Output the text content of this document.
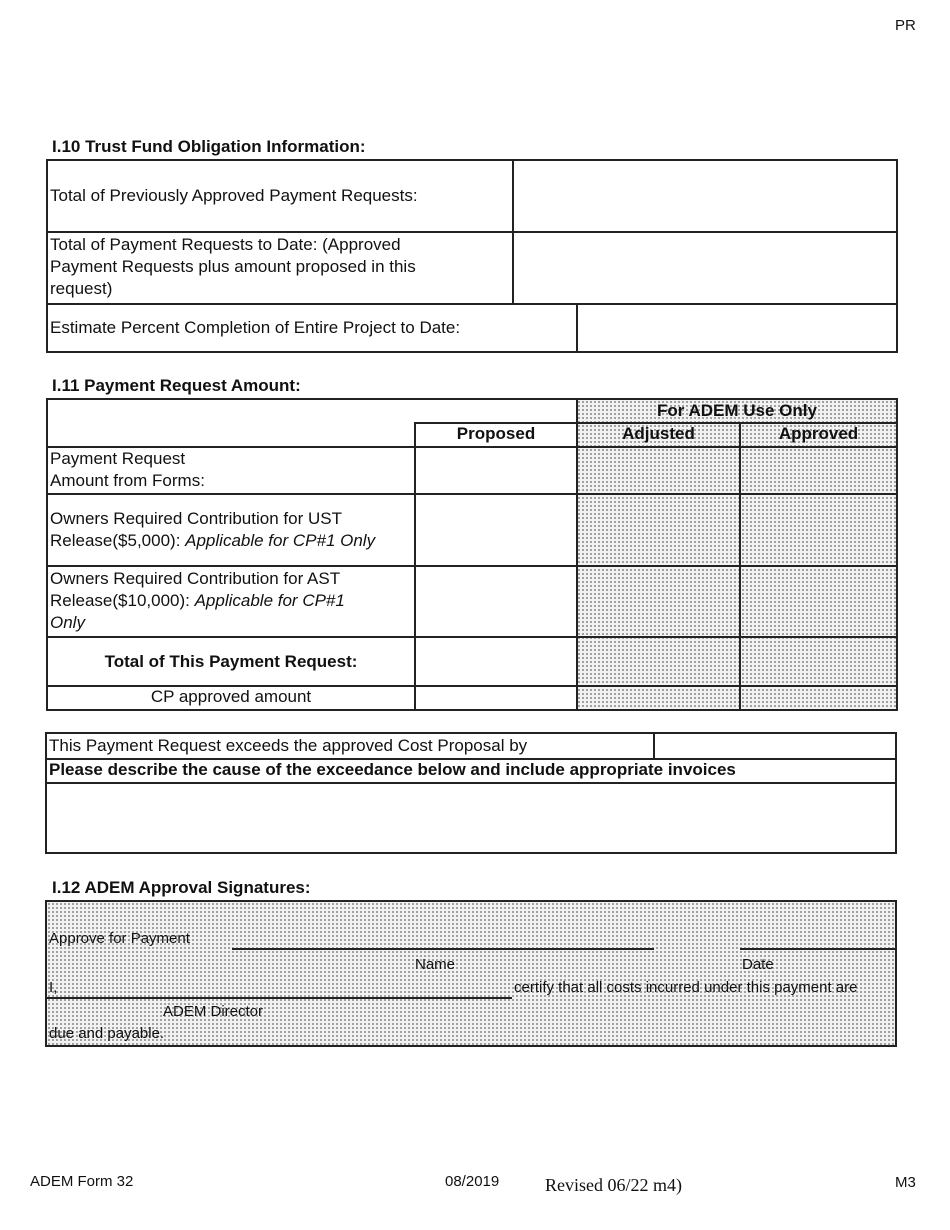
PR
I.10 Trust Fund Obligation Information:
Total of Previously Approved Payment Requests:
Total of Payment Requests to Date: (Approved Payment Requests plus amount proposed in this request)
Estimate Percent Completion of Entire Project to Date:
I.11 Payment Request Amount:
For ADEM Use Only
Proposed	Adjusted	Approved
Payment Request
Amount from Forms:
Owners Required Contribution for UST
Release($5,000): Applicable for CP#1 Only
Owners Required Contribution for AST
Release($10,000): Applicable for CP#1
Only
Total of This Payment Request:
CP approved amount
This Payment Request exceeds the approved Cost Proposal by
Please describe the cause of the exceedance below and include appropriate invoices
I.12 ADEM Approval Signatures:
Approve for Payment
Name	Date
I,	certify that all costs incurred under this payment are
ADEM Director
due and payable.
ADEM Form 32	08/2019	Revised 06/22 m4)	M3
